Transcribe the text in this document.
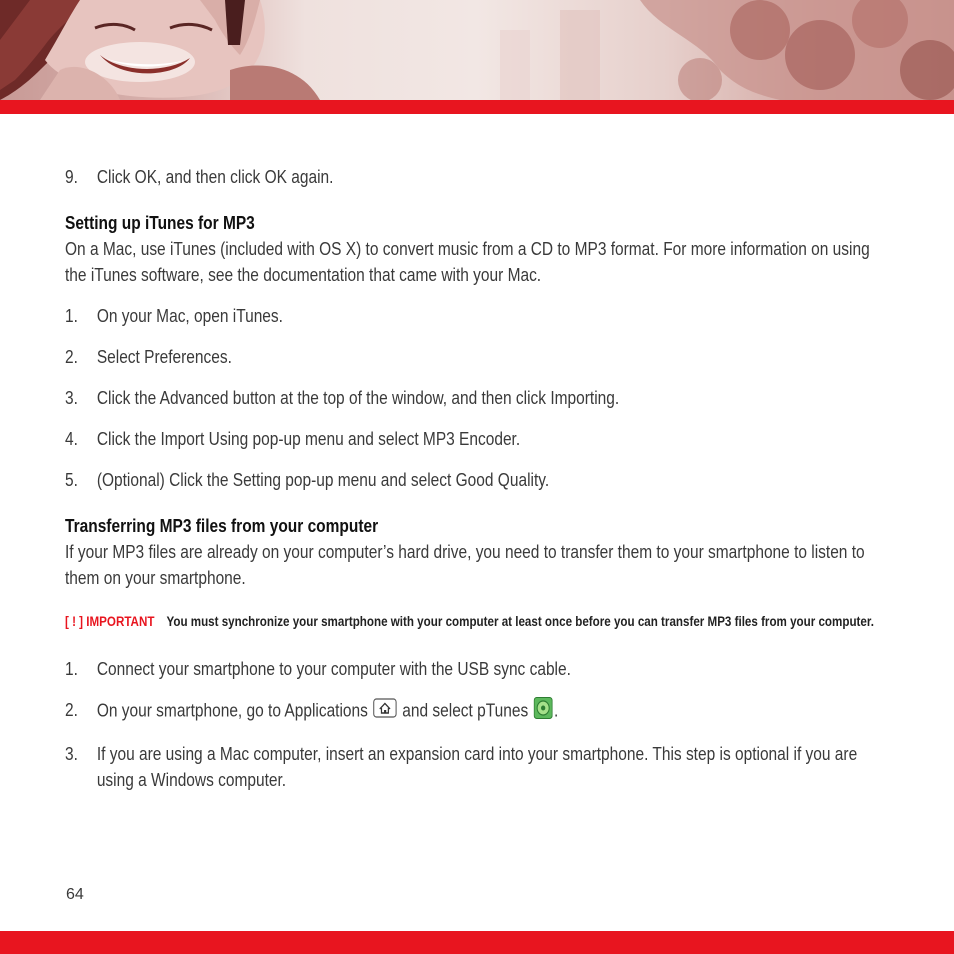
9. Click OK, and then click OK again.
Setting up iTunes for MP3
On a Mac, use iTunes (included with OS X) to convert music from a CD to MP3 format. For more information on using the iTunes software, see the documentation that came with your Mac.
1. On your Mac, open iTunes.
2. Select Preferences.
3. Click the Advanced button at the top of the window, and then click Importing.
4. Click the Import Using pop-up menu and select MP3 Encoder.
5. (Optional) Click the Setting pop-up menu and select Good Quality.
Transferring MP3 files from your computer
If your MP3 files are already on your computer’s hard drive, you need to transfer them to your smartphone to listen to them on your smartphone.
[ ! ] IMPORTANT You must synchronize your smartphone with your computer at least once before you can transfer MP3 files from your computer.
1. Connect your smartphone to your computer with the USB sync cable.
2. On your smartphone, go to Applications and select pTunes .
3. If you are using a Mac computer, insert an expansion card into your smartphone. This step is optional if you are using a Windows computer.
64
